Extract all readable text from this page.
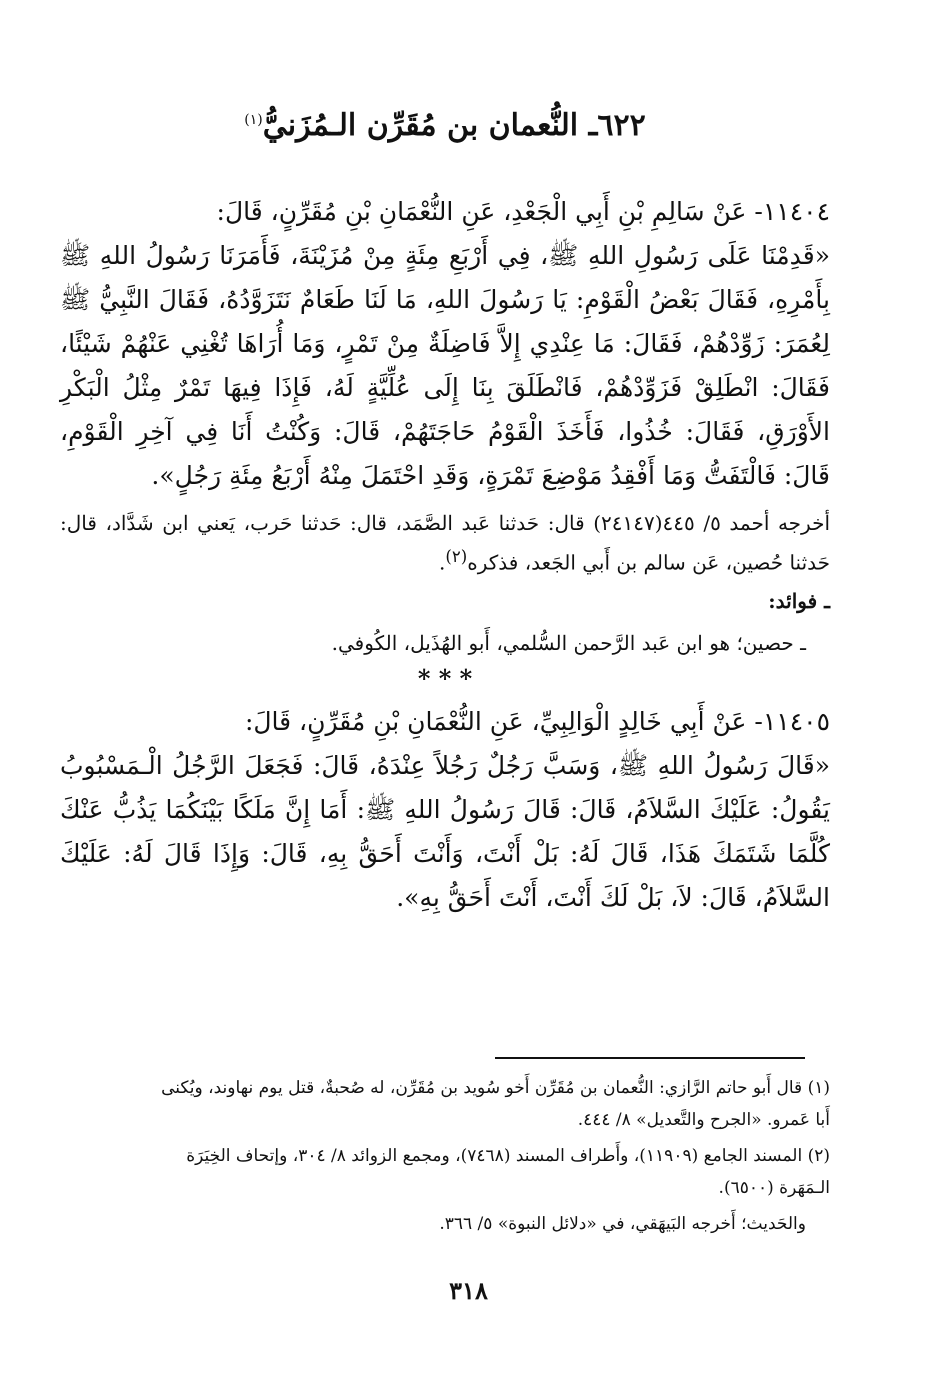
٦٢٢ـ النُّعمان بن مُقَرِّن الـمُزَنيُّ$^{(١)}$

١١٤٠٤- عَنْ سَالِمِ بْنِ أَبِي الْجَعْدِ، عَنِ النُّعْمَانِ بْنِ مُقَرِّنٍ، قَالَ:

«قَدِمْنَا عَلَى رَسُولِ اللهِ ﷺ، فِي أَرْبَعِ مِئَةٍ مِنْ مُزَيْنَةَ، فَأَمَرَنَا رَسُولُ اللهِ ﷺ بِأَمْرِهِ، فَقَالَ بَعْضُ الْقَوْمِ: يَا رَسُولَ اللهِ، مَا لَنَا طَعَامٌ نَتَزَوَّدُهُ، فَقَالَ النَّبِيُّ ﷺ لِعُمَرَ: زَوِّدْهُمْ، فَقَالَ: مَا عِنْدِي إِلاَّ فَاضِلَةٌ مِنْ تَمْرٍ، وَمَا أُرَاهَا تُغْنِي عَنْهُمْ شَيْئًا، فَقَالَ: انْطَلِقْ فَزَوِّدْهُمْ، فَانْطَلَقَ بِنَا إِلَى عُلِّيَّةٍ لَهُ، فَإِذَا فِيهَا تَمْرٌ مِثْلُ الْبَكْرِ الأَوْرَقِ، فَقَالَ: خُذُوا، فَأَخَذَ الْقَوْمُ حَاجَتَهُمْ، قَالَ: وَكُنْتُ أَنَا فِي آخِرِ الْقَوْمِ، قَالَ: فَالْتَفَتُّ وَمَا أَفْقِدُ مَوْضِعَ تَمْرَةٍ، وَقَدِ احْتَمَلَ مِنْهُ أَرْبَعُ مِئَةِ رَجُلٍ».

أخرجه أحمد ٥/ ٤٤٥(٢٤١٤٧) قال: حَدثنا عَبد الصَّمَد، قال: حَدثنا حَرب، يَعني ابن شَدَّاد، قال: حَدثنا حُصين، عَن سالم بن أَبي الجَعد، فذكره$^{(٢)}$.

ـ فوائد:

ـ حصين؛ هو ابن عَبد الرَّحمن السُّلمي، أَبو الهُذَيل، الكُوفي.

* * *

١١٤٠٥- عَنْ أَبِي خَالِدٍ الْوَالِبِيِّ، عَنِ النُّعْمَانِ بْنِ مُقَرِّنٍ، قَالَ:

«قَالَ رَسُولُ اللهِ ﷺ، وَسَبَّ رَجُلٌ رَجُلاً عِنْدَهُ، قَالَ: فَجَعَلَ الرَّجُلُ الْـمَسْبُوبُ يَقُولُ: عَلَيْكَ السَّلاَمُ، قَالَ: قَالَ رَسُولُ اللهِ ﷺ: أَمَا إِنَّ مَلَكًا بَيْنَكُمَا يَذُبُّ عَنْكَ كُلَّمَا شَتَمَكَ هَذَا، قَالَ لَهُ: بَلْ أَنْتَ، وَأَنْتَ أَحَقُّ بِهِ، قَالَ: وَإِذَا قَالَ لَهُ: عَلَيْكَ السَّلاَمُ، قَالَ: لاَ، بَلْ لَكَ أَنْتَ، أَنْتَ أَحَقُّ بِهِ».

(١) قال أَبو حاتم الرَّازي: النُّعمان بن مُقَرِّن أَخو سُويد بن مُقَرِّن، له صُحبةٌ، قتل يوم نهاوند، ويُكنى
أَبا عَمرو. «الجرح والتَّعديل» ٨/ ٤٤٤.

(٢) المسند الجامع (١١٩٠٩)، وأَطراف المسند (٧٤٦٨)، ومجمع الزوائد ٨/ ٣٠٤، وإتحاف الخِيَرَة
الـمَهَرة (٦٥٠٠).

والحَديث؛ أَخرجه البَيهَقي، في «دلائل النبوة» ٥/ ٣٦٦.

٣١٨
